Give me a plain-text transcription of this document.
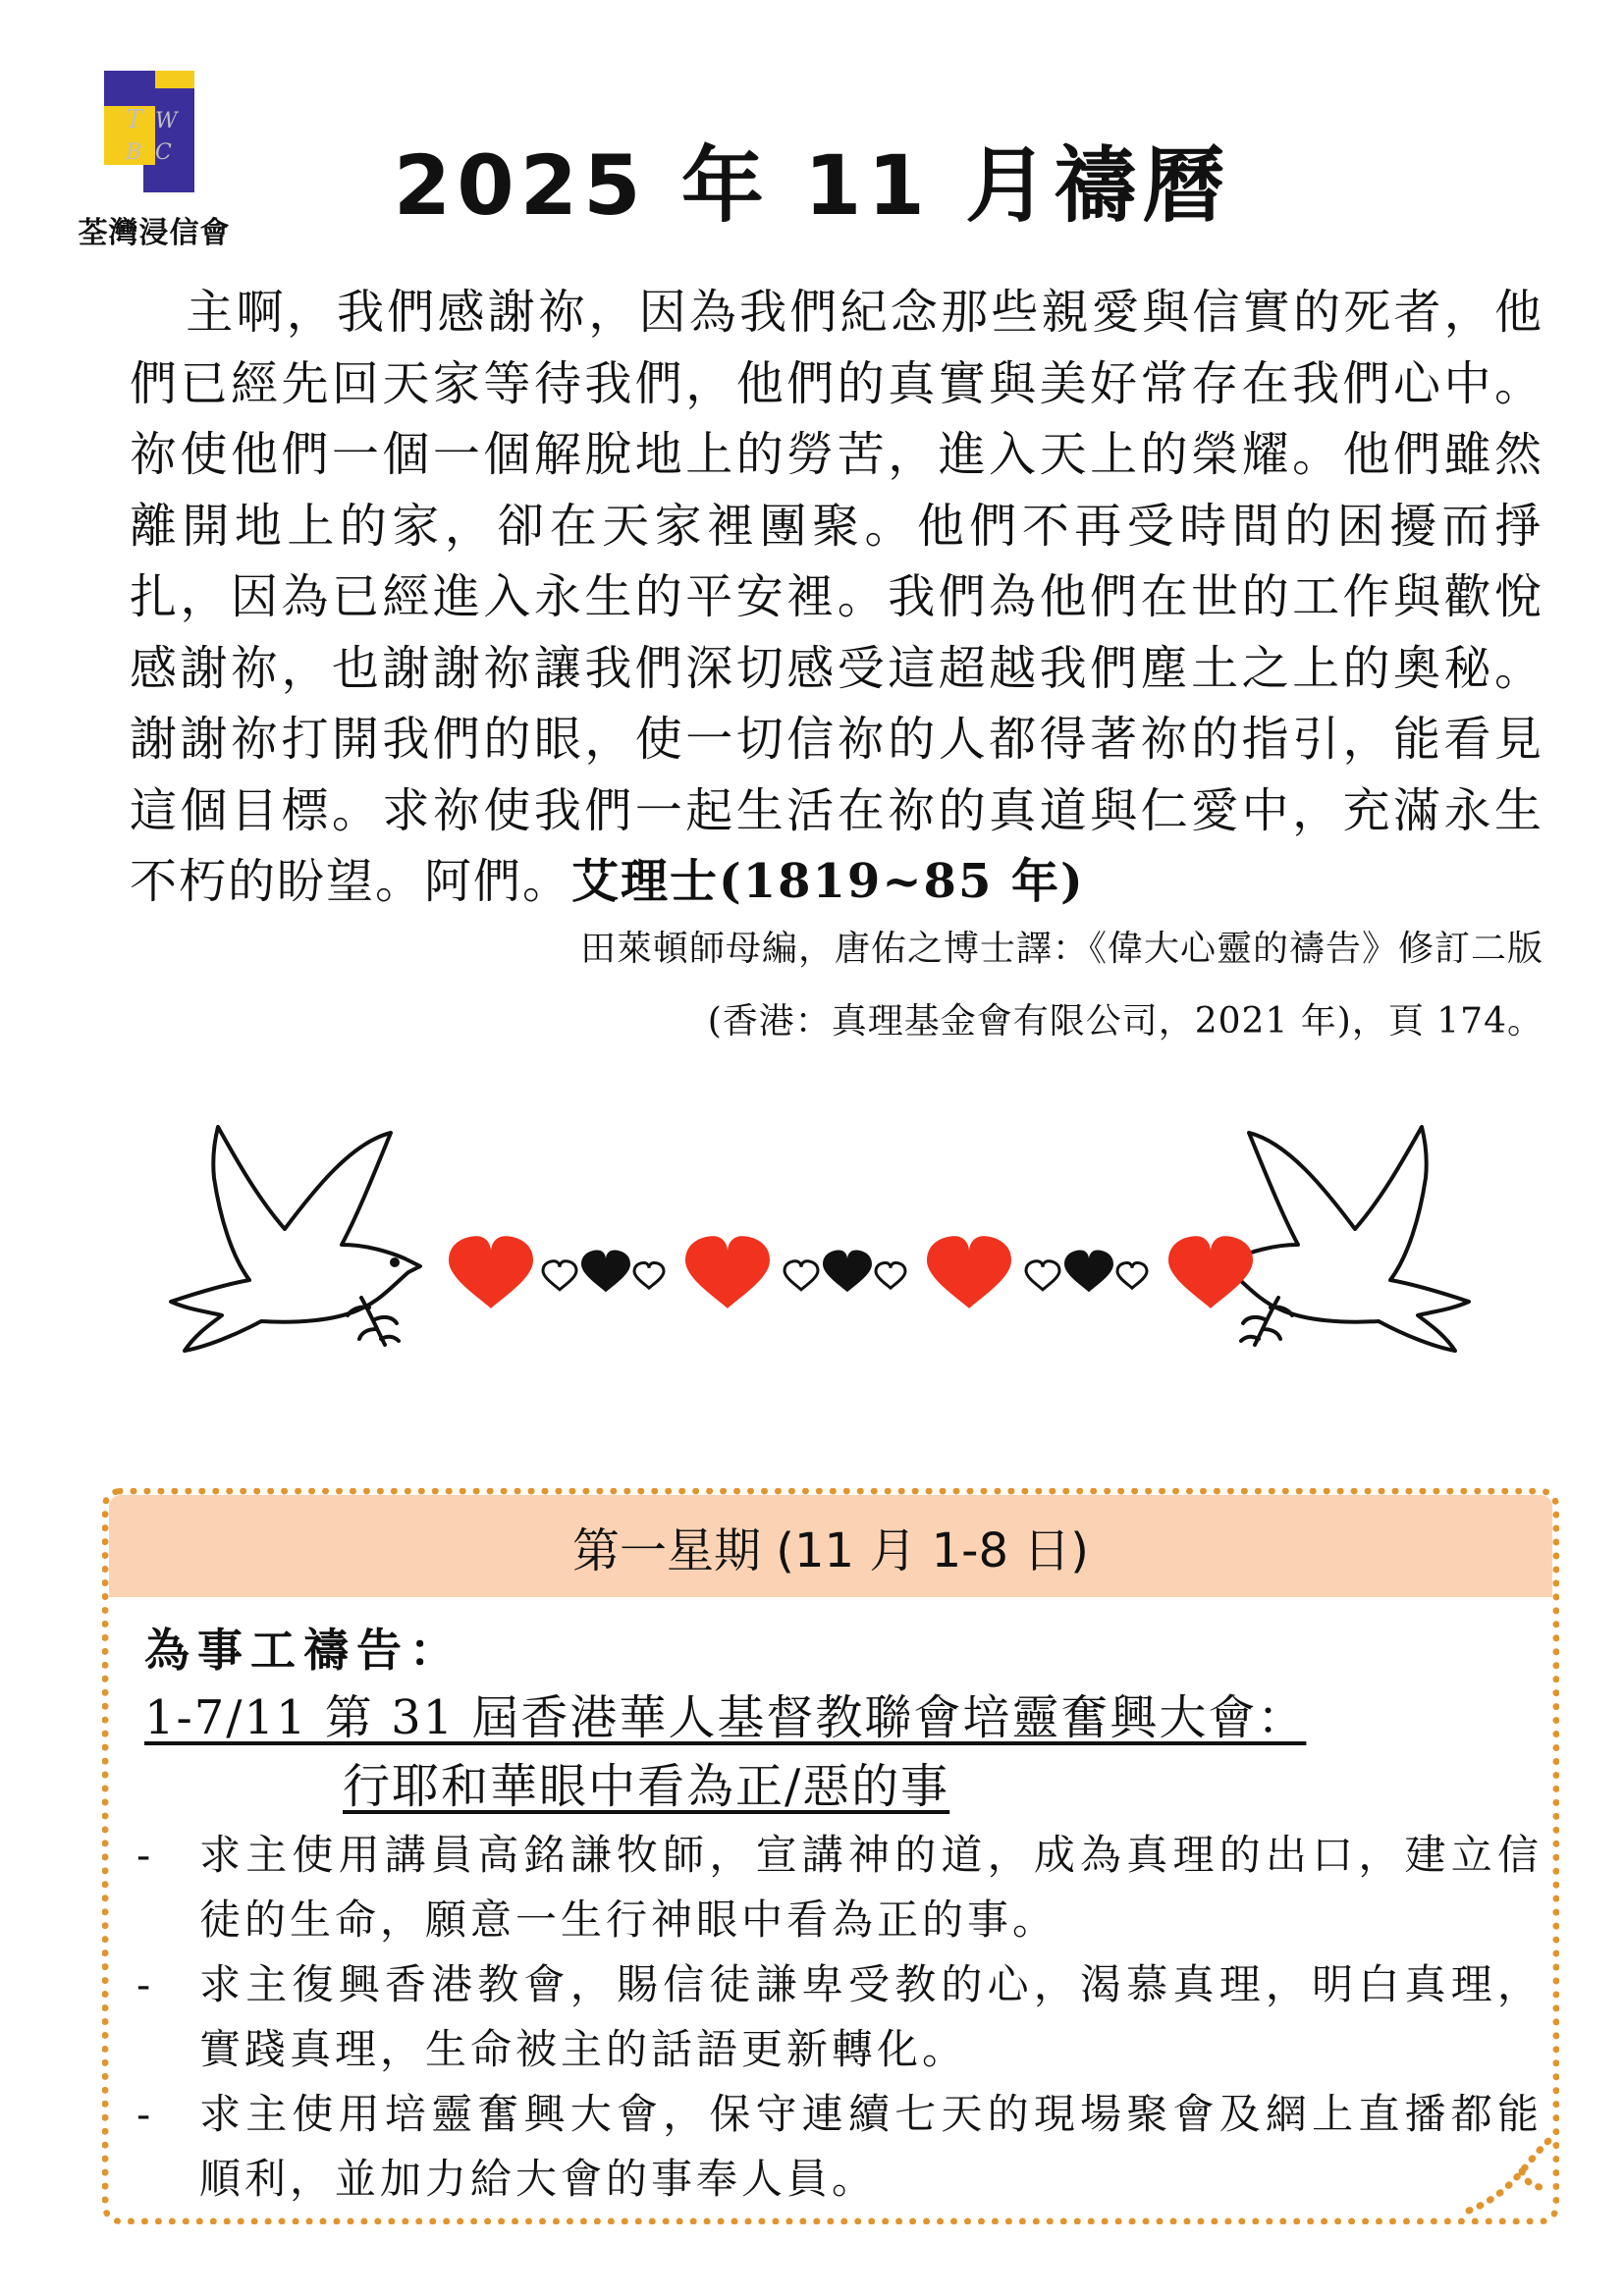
T W
B C
荃灣浸信會	2025 年 11 月禱曆
主啊，我們感謝祢，因為我們紀念那些親愛與信實的死者，他們已經先回天家等待我們，他們的真實與美好常存在我們心中。祢使他們一個一個解脫地上的勞苦，進入天上的榮耀。他們雖然離開地上的家，卻在天家裡團聚。他們不再受時間的困擾而掙扎，因為已經進入永生的平安裡。我們為他們在世的工作與歡悅感謝祢，也謝謝祢讓我們深切感受這超越我們塵土之上的奧秘。謝謝祢打開我們的眼，使一切信祢的人都得著祢的指引，能看見這個目標。求祢使我們一起生活在祢的真道與仁愛中，充滿永生不朽的盼望。阿們。艾理士(1819~85 年)
田萊頓師母編，唐佑之博士譯：《偉大心靈的禱告》修訂二版
(香港：真理基金會有限公司，2021 年)，頁 174。
第一星期 (11 月 1-8 日)
為事工禱告：
1-7/11 第 31 屆香港華人基督教聯會培靈奮興大會：
行耶和華眼中看為正/惡的事
- 求主使用講員高銘謙牧師，宣講神的道，成為真理的出口，建立信徒的生命，願意一生行神眼中看為正的事。
- 求主復興香港教會，賜信徒謙卑受教的心，渴慕真理，明白真理，實踐真理，生命被主的話語更新轉化。
- 求主使用培靈奮興大會，保守連續七天的現場聚會及網上直播都能順利，並加力給大會的事奉人員。
